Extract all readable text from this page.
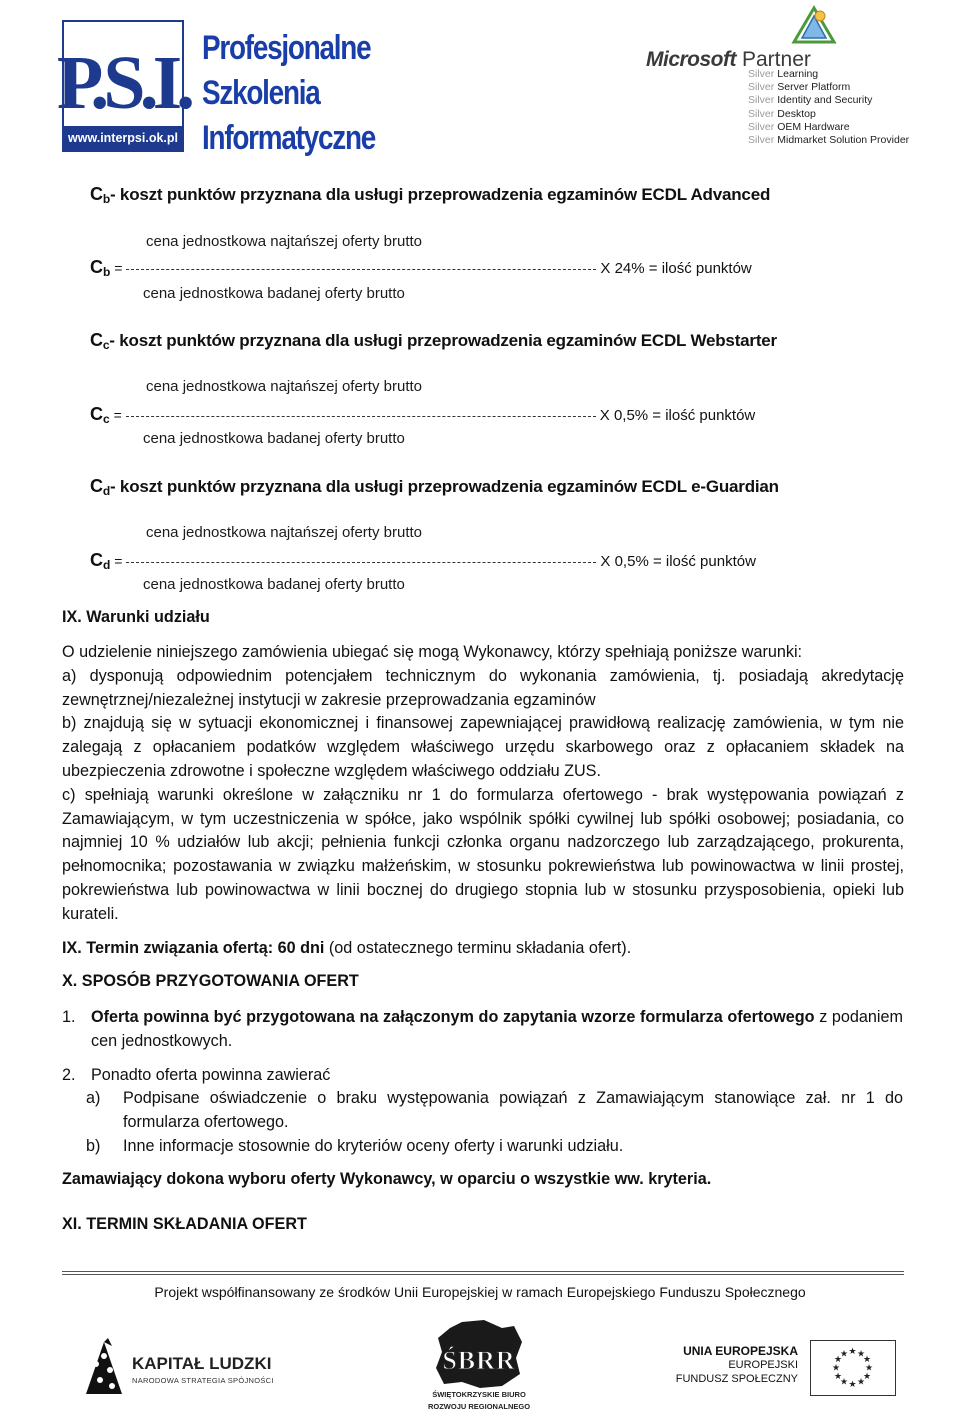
P.S.I.
www.interpsi.ok.pl
Profesjonalne
Szkolenia
Informatyczne
Microsoft Partner
Silver Learning
Silver Server Platform
Silver Identity and Security
Silver Desktop
Silver OEM Hardware
Silver Midmarket Solution Provider
$C_b-$ koszt punktów przyznana dla usługi przeprowadzenia egzaminów ECDL Advanced
cena jednostkowa najtańszej oferty brutto
$C_b$ =	X 24% = ilość punktów
cena jednostkowa badanej oferty brutto
$C_c-$ koszt punktów przyznana dla usługi przeprowadzenia egzaminów ECDL Webstarter
cena jednostkowa najtańszej oferty brutto
$C_c$ =	X 0,5% = ilość punktów
cena jednostkowa badanej oferty brutto
$C_d-$ koszt punktów przyznana dla usługi przeprowadzenia egzaminów ECDL e-Guardian
cena jednostkowa najtańszej oferty brutto
$C_d$ =	X 0,5% = ilość punktów
cena jednostkowa badanej oferty brutto
IX. Warunki udziału
O udzielenie niniejszego zamówienia ubiegać się mogą Wykonawcy, którzy spełniają poniższe warunki:
a) dysponują odpowiednim potencjałem technicznym do wykonania zamówienia, tj. posiadają akredytację zewnętrznej/niezależnej instytucji w zakresie przeprowadzania egzaminów
b) znajdują się w sytuacji ekonomicznej i finansowej zapewniającej prawidłową realizację zamówienia, w tym nie zalegają z opłacaniem podatków względem właściwego urzędu skarbowego oraz z opłacaniem składek na ubezpieczenia zdrowotne i społeczne względem właściwego oddziału ZUS.
c) spełniają warunki określone w załączniku nr 1 do formularza ofertowego - brak występowania powiązań z Zamawiającym, w tym uczestniczenia w spółce, jako wspólnik spółki cywilnej lub spółki osobowej; posiadania, co najmniej 10 % udziałów lub akcji; pełnienia funkcji członka organu nadzorczego lub zarządzającego, prokurenta, pełnomocnika; pozostawania w związku małżeńskim, w stosunku pokrewieństwa lub powinowactwa w linii prostej, pokrewieństwa lub powinowactwa w linii bocznej do drugiego stopnia lub w stosunku przysposobienia, opieki lub kurateli.
IX. Termin związania ofertą: 60 dni (od ostatecznego terminu składania ofert).
X. SPOSÓB PRZYGOTOWANIA OFERT
1. Oferta powinna być przygotowana na załączonym do zapytania wzorze formularza ofertowego z podaniem cen jednostkowych.
2. Ponadto oferta powinna zawierać
a) Podpisane oświadczenie o braku występowania powiązań z Zamawiającym stanowiące zał. nr 1 do formularza ofertowego.
b) Inne informacje stosownie do kryteriów oceny oferty i warunki udziału.
Zamawiający dokona wyboru oferty Wykonawcy, w oparciu o wszystkie ww. kryteria.
XI. TERMIN SKŁADANIA OFERT
Projekt współfinansowany ze środków Unii Europejskiej w ramach Europejskiego Funduszu Społecznego
KAPITAŁ LUDZKI
NARODOWA STRATEGIA SPÓJNOŚCI
ŚBRR
ŚWIĘTOKRZYSKIE BIURO
ROZWOJU REGIONALNEGO
UNIA EUROPEJSKA
EUROPEJSKI
FUNDUSZ SPOŁECZNY
★ ★
★
★
★
★
★
★
★
★
★
★
